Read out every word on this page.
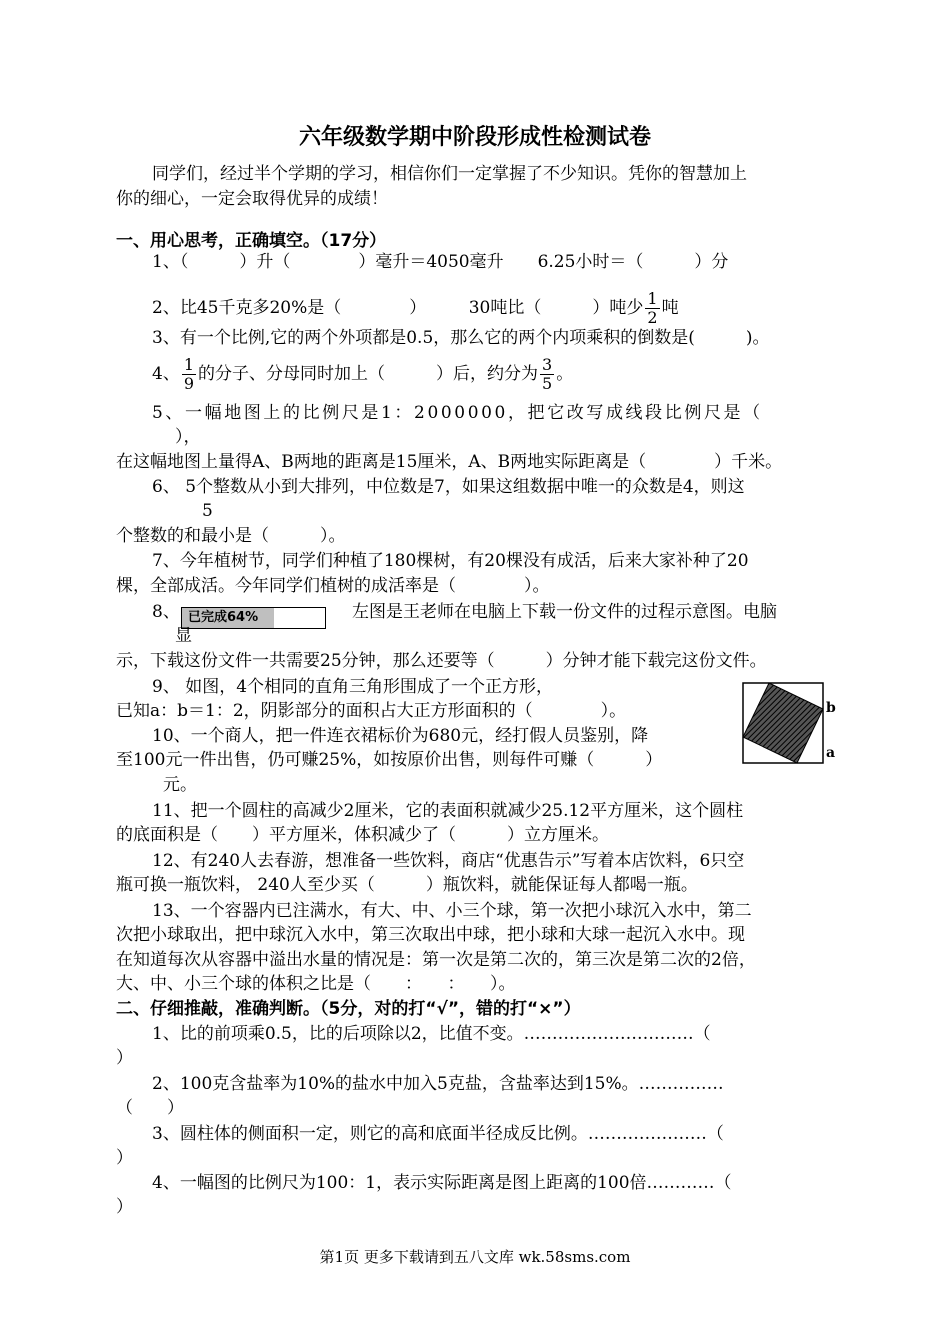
六年级数学期中阶段形成性检测试卷
同学们，经过半个学期的学习，相信你们一定掌握了不少知识。凭你的智慧加上
你的细心，一定会取得优异的成绩！
一、用心思考，正确填空。（17分）
1、（　　　）升（　　　　）毫升＝4050毫升　　6.25小时＝（　　　）分
2、比45千克多20%是（　　　　）　　　30吨比（　　　）吨少 $\frac{1}{2}$ 吨
3、有一个比例,它的两个外项都是0.5，那么它的两个内项乘积的倒数是(　　　)。
4、 $\frac{1}{9}$ 的分子、分母同时加上（　　　）后，约分为 $\frac{3}{5}$ 。
5、一幅地图上的比例尺是1：2000000，把它改写成线段比例尺是（
），
在这幅地图上量得A、B两地的距离是15厘米，A、B两地实际距离是（　　　　）千米。
6、 5个整数从小到大排列，中位数是7，如果这组数据中唯一的众数是4，则这
5
个整数的和最小是（　　　）。
7、今年植树节，同学们种植了180棵树，有20棵没有成活，后来大家补种了20
棵，全部成活。今年同学们植树的成活率是（　　　　）。
8、 已完成64%	左图是王老师在电脑上下载一份文件的过程示意图。电脑
显
示，下载这份文件一共需要25分钟，那么还要等（　　　）分钟才能下载完这份文件。
9、 如图，4个相同的直角三角形围成了一个正方形，
已知a：b＝1：2，阴影部分的面积占大正方形面积的（　　　　）。	b
a
10、一个商人，把一件连衣裙标价为680元，经打假人员鉴别，降
至100元一件出售，仍可赚25%，如按原价出售，则每件可赚（　　　）
元。
11、把一个圆柱的高减少2厘米，它的表面积就减少25.12平方厘米，这个圆柱
的底面积是（　　）平方厘米，体积减少了（　　　）立方厘米。
12、有240人去春游，想准备一些饮料，商店“优惠告示”写着本店饮料，6只空
瓶可换一瓶饮料， 240人至少买（　　　）瓶饮料，就能保证每人都喝一瓶。
13、一个容器内已注满水，有大、中、小三个球，第一次把小球沉入水中，第二
次把小球取出，把中球沉入水中，第三次取出中球，把小球和大球一起沉入水中。现
在知道每次从容器中溢出水量的情况是：第一次是第二次的，第三次是第二次的2倍，
大、中、小三个球的体积之比是（　　：　　：　　）。
二、仔细推敲，准确判断。（5分，对的打“√”，错的打“×”）
1、比的前项乘0.5，比的后项除以2，比值不变。…………………………（
）
2、100克含盐率为10%的盐水中加入5克盐，含盐率达到15%。……………
（　　）
3、圆柱体的侧面积一定，则它的高和底面半径成反比例。…………………（
）
4、一幅图的比例尺为100：1，表示实际距离是图上距离的100倍…………（
）
第1页 更多下载请到五八文库 wk.58sms.com
